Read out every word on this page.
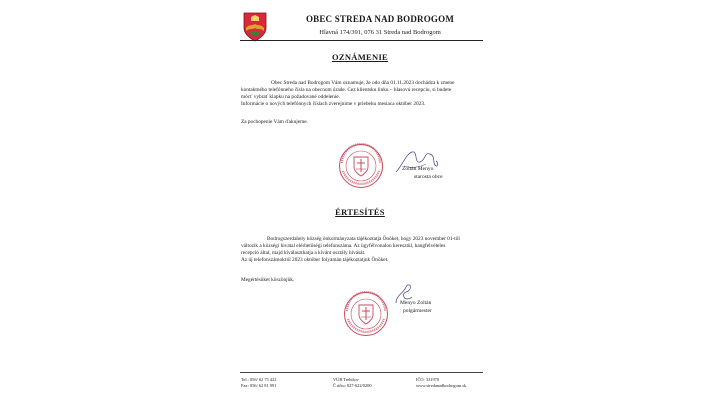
OBEC STREDA NAD BODROGOM
Hlavná 174/391, 076 31 Streda nad Bodrogom
OZNÁMENIE

Obec Streda nad Bodrogom Vám oznamuje, že odo dňa 01.11.2023 dochádza k zmene

kontaktného telefónneho čísla na obecnom úrade. Cez klientsku linku – hlasovú recepciu, si budete

môcť vybrať klapku na požadované oddelenie.

Informácie o nových telefónnych číslach zverejnime v priebehu mesiaca október 2023.

Za pochopenie Vám ďakujeme.
Zoltán Menyo
starosta obce
ÉRTESÍTÉS

Bodrogszerdahely község önkormányzata tájékoztatja Önöket, hogy 2023 november 01-től

változik a községi hivatal elérhetőségi telefonszáma. Az ügyfélvonalon keresztül, hangfelvételes

recepció által, majd kiválaszthatja a kívánt osztály hívását.

Az új telefonszámokról 2023 október folyamán tájékoztatjuk Önöket.

Megértésüket köszönjük.
Menyo Zoltán
polgármester
Tel.: 056/ 62 75 422
Fax: 056/ 62 81 991
VÚB Trebišov
Č.účtu: 827-622/0200
IČO: 331970
www.stredanadbodrogom.sk
